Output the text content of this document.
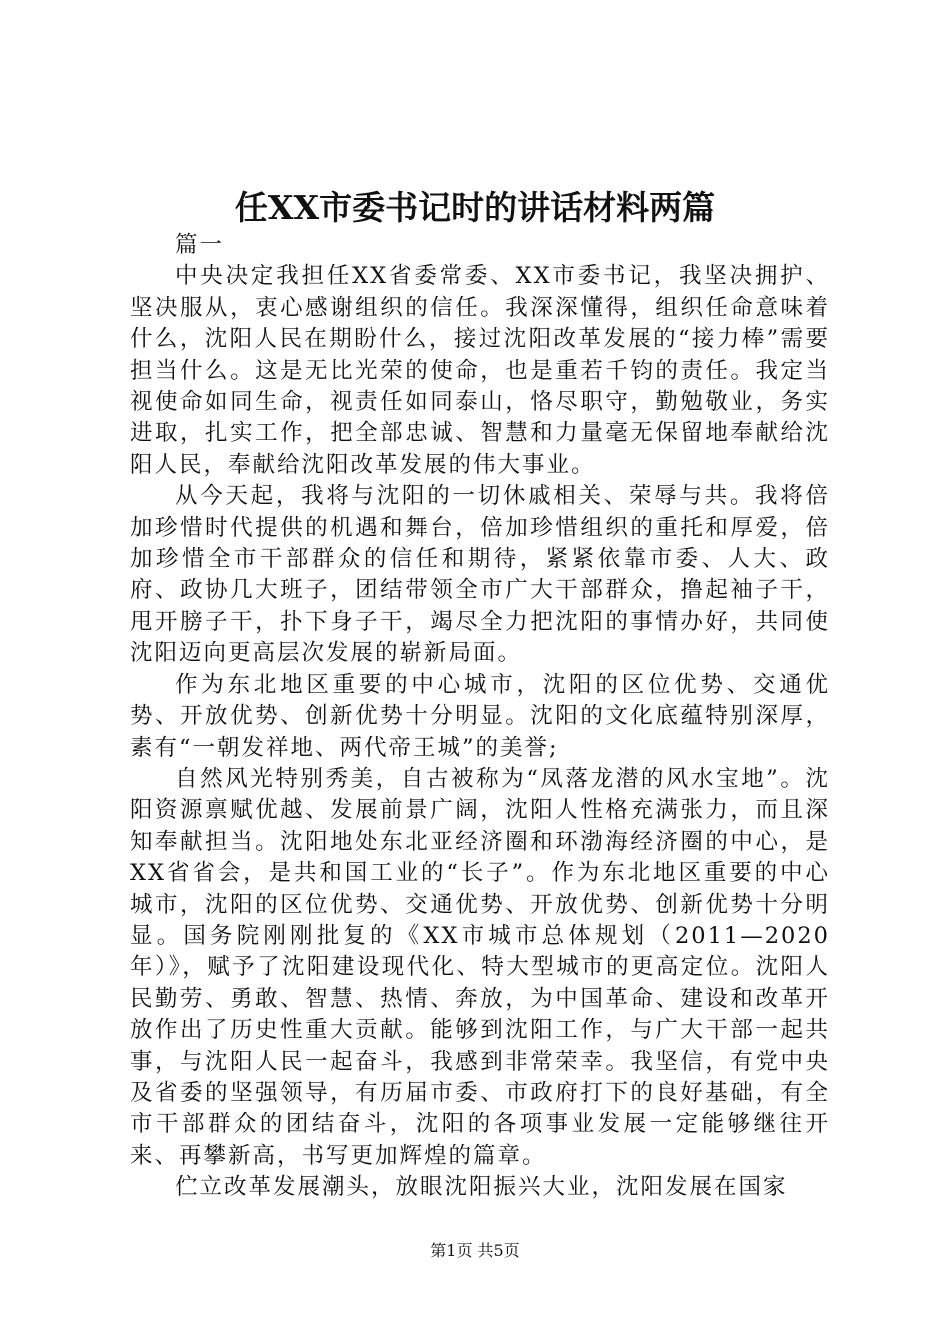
任XX市委书记时的讲话材料两篇

篇一

中央决定我担任XX省委常委、XX市委书记，我坚决拥护、坚决服从，衷心感谢组织的信任。我深深懂得，组织任命意味着什么，沈阳人民在期盼什么，接过沈阳改革发展的“接力棒”需要担当什么。这是无比光荣的使命，也是重若千钧的责任。我定当视使命如同生命，视责任如同泰山，恪尽职守，勤勉敬业，务实进取，扎实工作，把全部忠诚、智慧和力量毫无保留地奉献给沈阳人民，奉献给沈阳改革发展的伟大事业。

从今天起，我将与沈阳的一切休戚相关、荣辱与共。我将倍加珍惜时代提供的机遇和舞台，倍加珍惜组织的重托和厚爱，倍加珍惜全市干部群众的信任和期待，紧紧依靠市委、人大、政府、政协几大班子，团结带领全市广大干部群众，撸起袖子干，甩开膀子干，扑下身子干，竭尽全力把沈阳的事情办好，共同使沈阳迈向更高层次发展的崭新局面。

作为东北地区重要的中心城市，沈阳的区位优势、交通优势、开放优势、创新优势十分明显。沈阳的文化底蕴特别深厚，素有“一朝发祥地、两代帝王城”的美誉;

自然风光特别秀美，自古被称为“凤落龙潜的风水宝地”。沈阳资源禀赋优越、发展前景广阔，沈阳人性格充满张力，而且深知奉献担当。沈阳地处东北亚经济圈和环渤海经济圈的中心，是XX省省会，是共和国工业的“长子”。作为东北地区重要的中心城市，沈阳的区位优势、交通优势、开放优势、创新优势十分明显。国务院刚刚批复的《XX市城市总体规划（2011—2020年）》，赋予了沈阳建设现代化、特大型城市的更高定位。沈阳人民勤劳、勇敢、智慧、热情、奔放，为中国革命、建设和改革开放作出了历史性重大贡献。能够到沈阳工作，与广大干部一起共事，与沈阳人民一起奋斗，我感到非常荣幸。我坚信，有党中央及省委的坚强领导，有历届市委、市政府打下的良好基础，有全市干部群众的团结奋斗，沈阳的各项事业发展一定能够继往开来、再攀新高，书写更加辉煌的篇章。

伫立改革发展潮头，放眼沈阳振兴大业，沈阳发展在国家

第1页 共5页
